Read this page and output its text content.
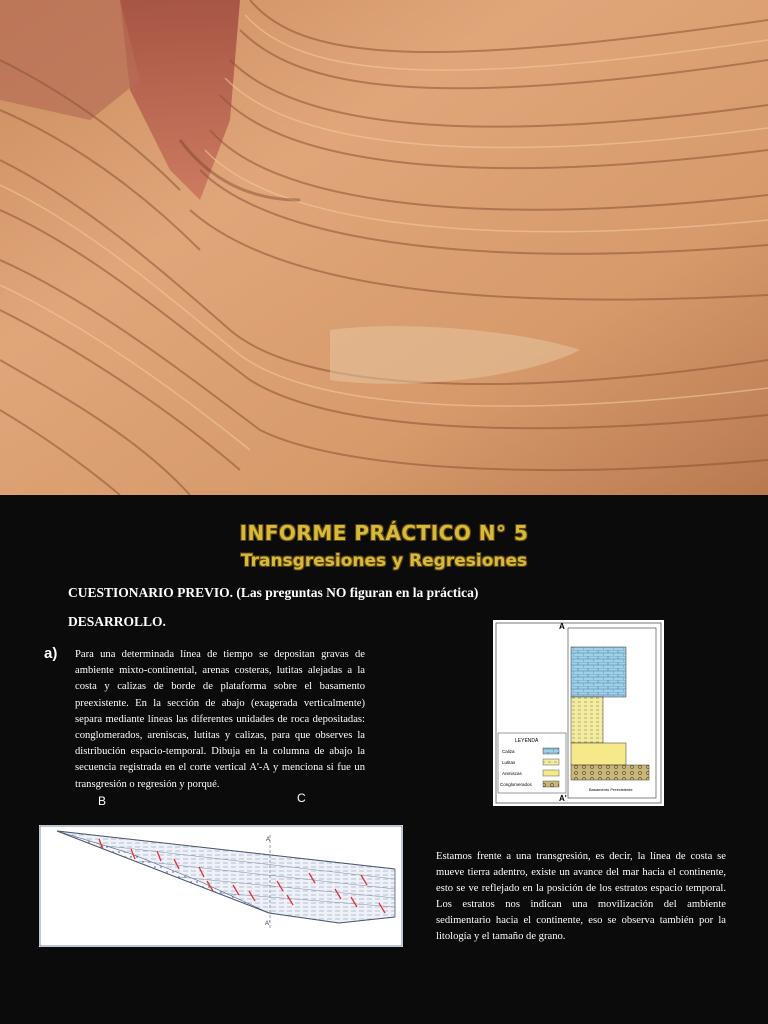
INFORME PRÁCTICO N° 5
Transgresiones y Regresiones
CUESTIONARIO PREVIO. (Las preguntas NO figuran en la práctica)
DESARROLLO.
a) Para una determinada línea de tiempo se depositan gravas de ambiente mixto-continental, arenas costeras, lutitas alejadas a la costa y calizas de borde de plataforma sobre el basamento preexistente. En la sección de abajo (exagerada verticalmente) separa mediante líneas las diferentes unidades de roca depositadas: conglomerados, areniscas, lutitas y calizas, para que observes la distribución espacio-temporal. Dibuja en la columna de abajo la secuencia registrada en el corte vertical A'-A y menciona si fue un transgresión o regresión y porqué.
B	C
A
Basamento Preexistente
A'
LEYENDA
Caliza
Lutitas
Areniscas
Conglomerados
A
A'
Estamos frente a una transgresión, es decir, la línea de costa se mueve tierra adentro, existe un avance del mar hacia el continente, esto se ve reflejado en la posición de los estratos espacio temporal. Los estratos nos indican una movilización del ambiente sedimentario hacia el continente, eso se observa también por la litología y el tamaño de grano.
